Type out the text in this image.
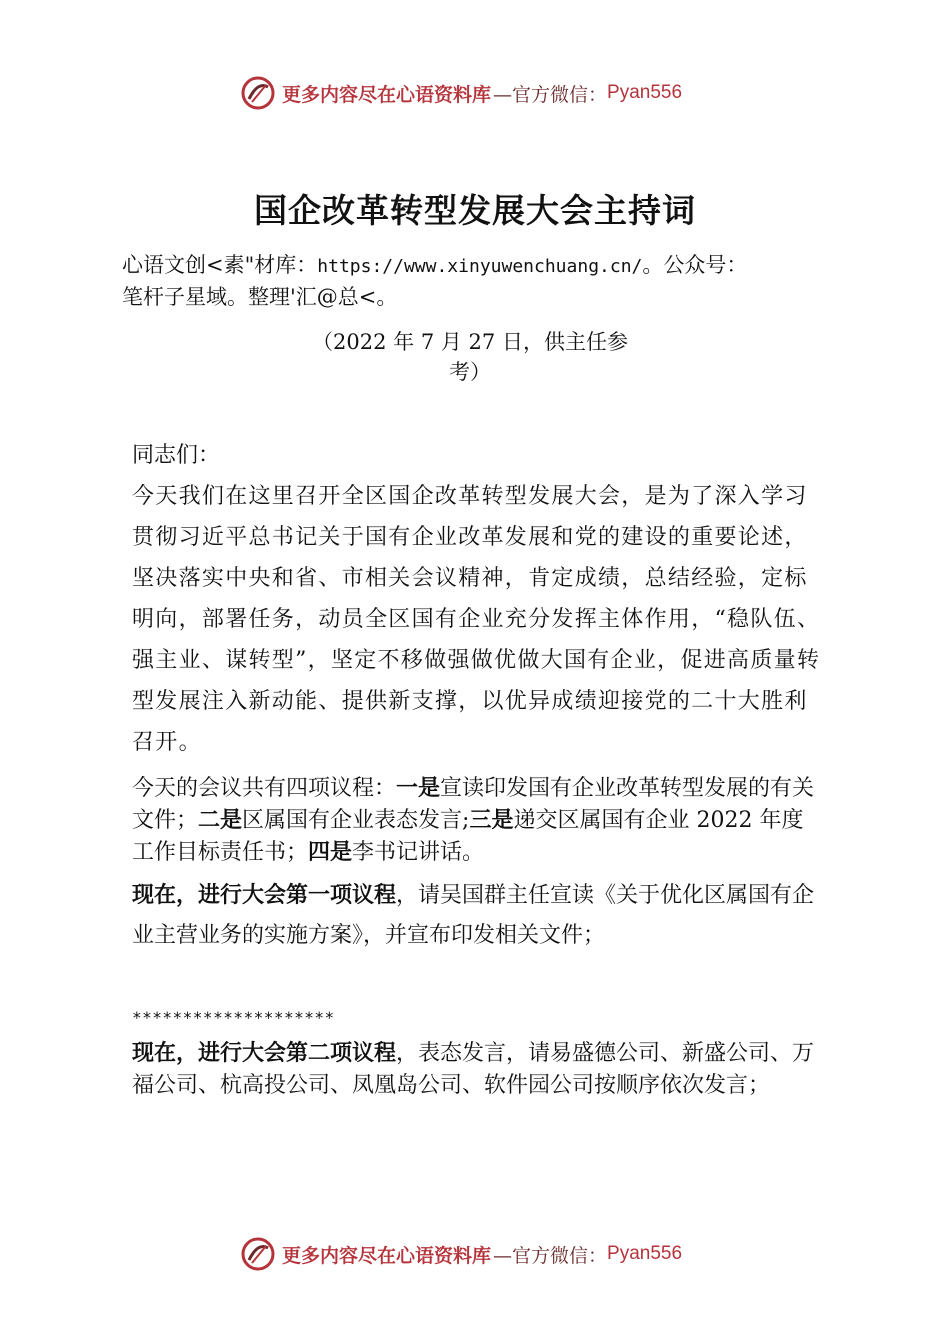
更多内容尽在心语资料库 —官方微信： Pyan556
国企改革转型发展大会主持词
心语文创<素"材库：https://www.xinyuwenchuang.cn/。公众号：
笔杆子星域。整理'汇@总<。
（2022 年 7 月 27 日，供主任参
考）
同志们：
今天我们在这里召开全区国企改革转型发展大会，是为了深入学习贯彻习近平总书记关于国有企业改革发展和党的建设的重要论述，坚决落实中央和省、市相关会议精神，肯定成绩，总结经验，定标明向，部署任务，动员全区国有企业充分发挥主体作用，“稳队伍、强主业、谋转型”，坚定不移做强做优做大国有企业，促进高质量转型发展注入新动能、提供新支撑，以优异成绩迎接党的二十大胜利召开。
今天的会议共有四项议程：一是宣读印发国有企业改革转型发展的有关文件；二是区属国有企业表态发言;三是递交区属国有企业 2022 年度工作目标责任书；四是李书记讲话。
现在，进行大会第一项议程，请吴国群主任宣读《关于优化区属国有企业主营业务的实施方案》，并宣布印发相关文件；
********************
现在，进行大会第二项议程，表态发言，请易盛德公司、新盛公司、万福公司、杭高投公司、凤凰岛公司、软件园公司按顺序依次发言；
更多内容尽在心语资料库 —官方微信： Pyan556
